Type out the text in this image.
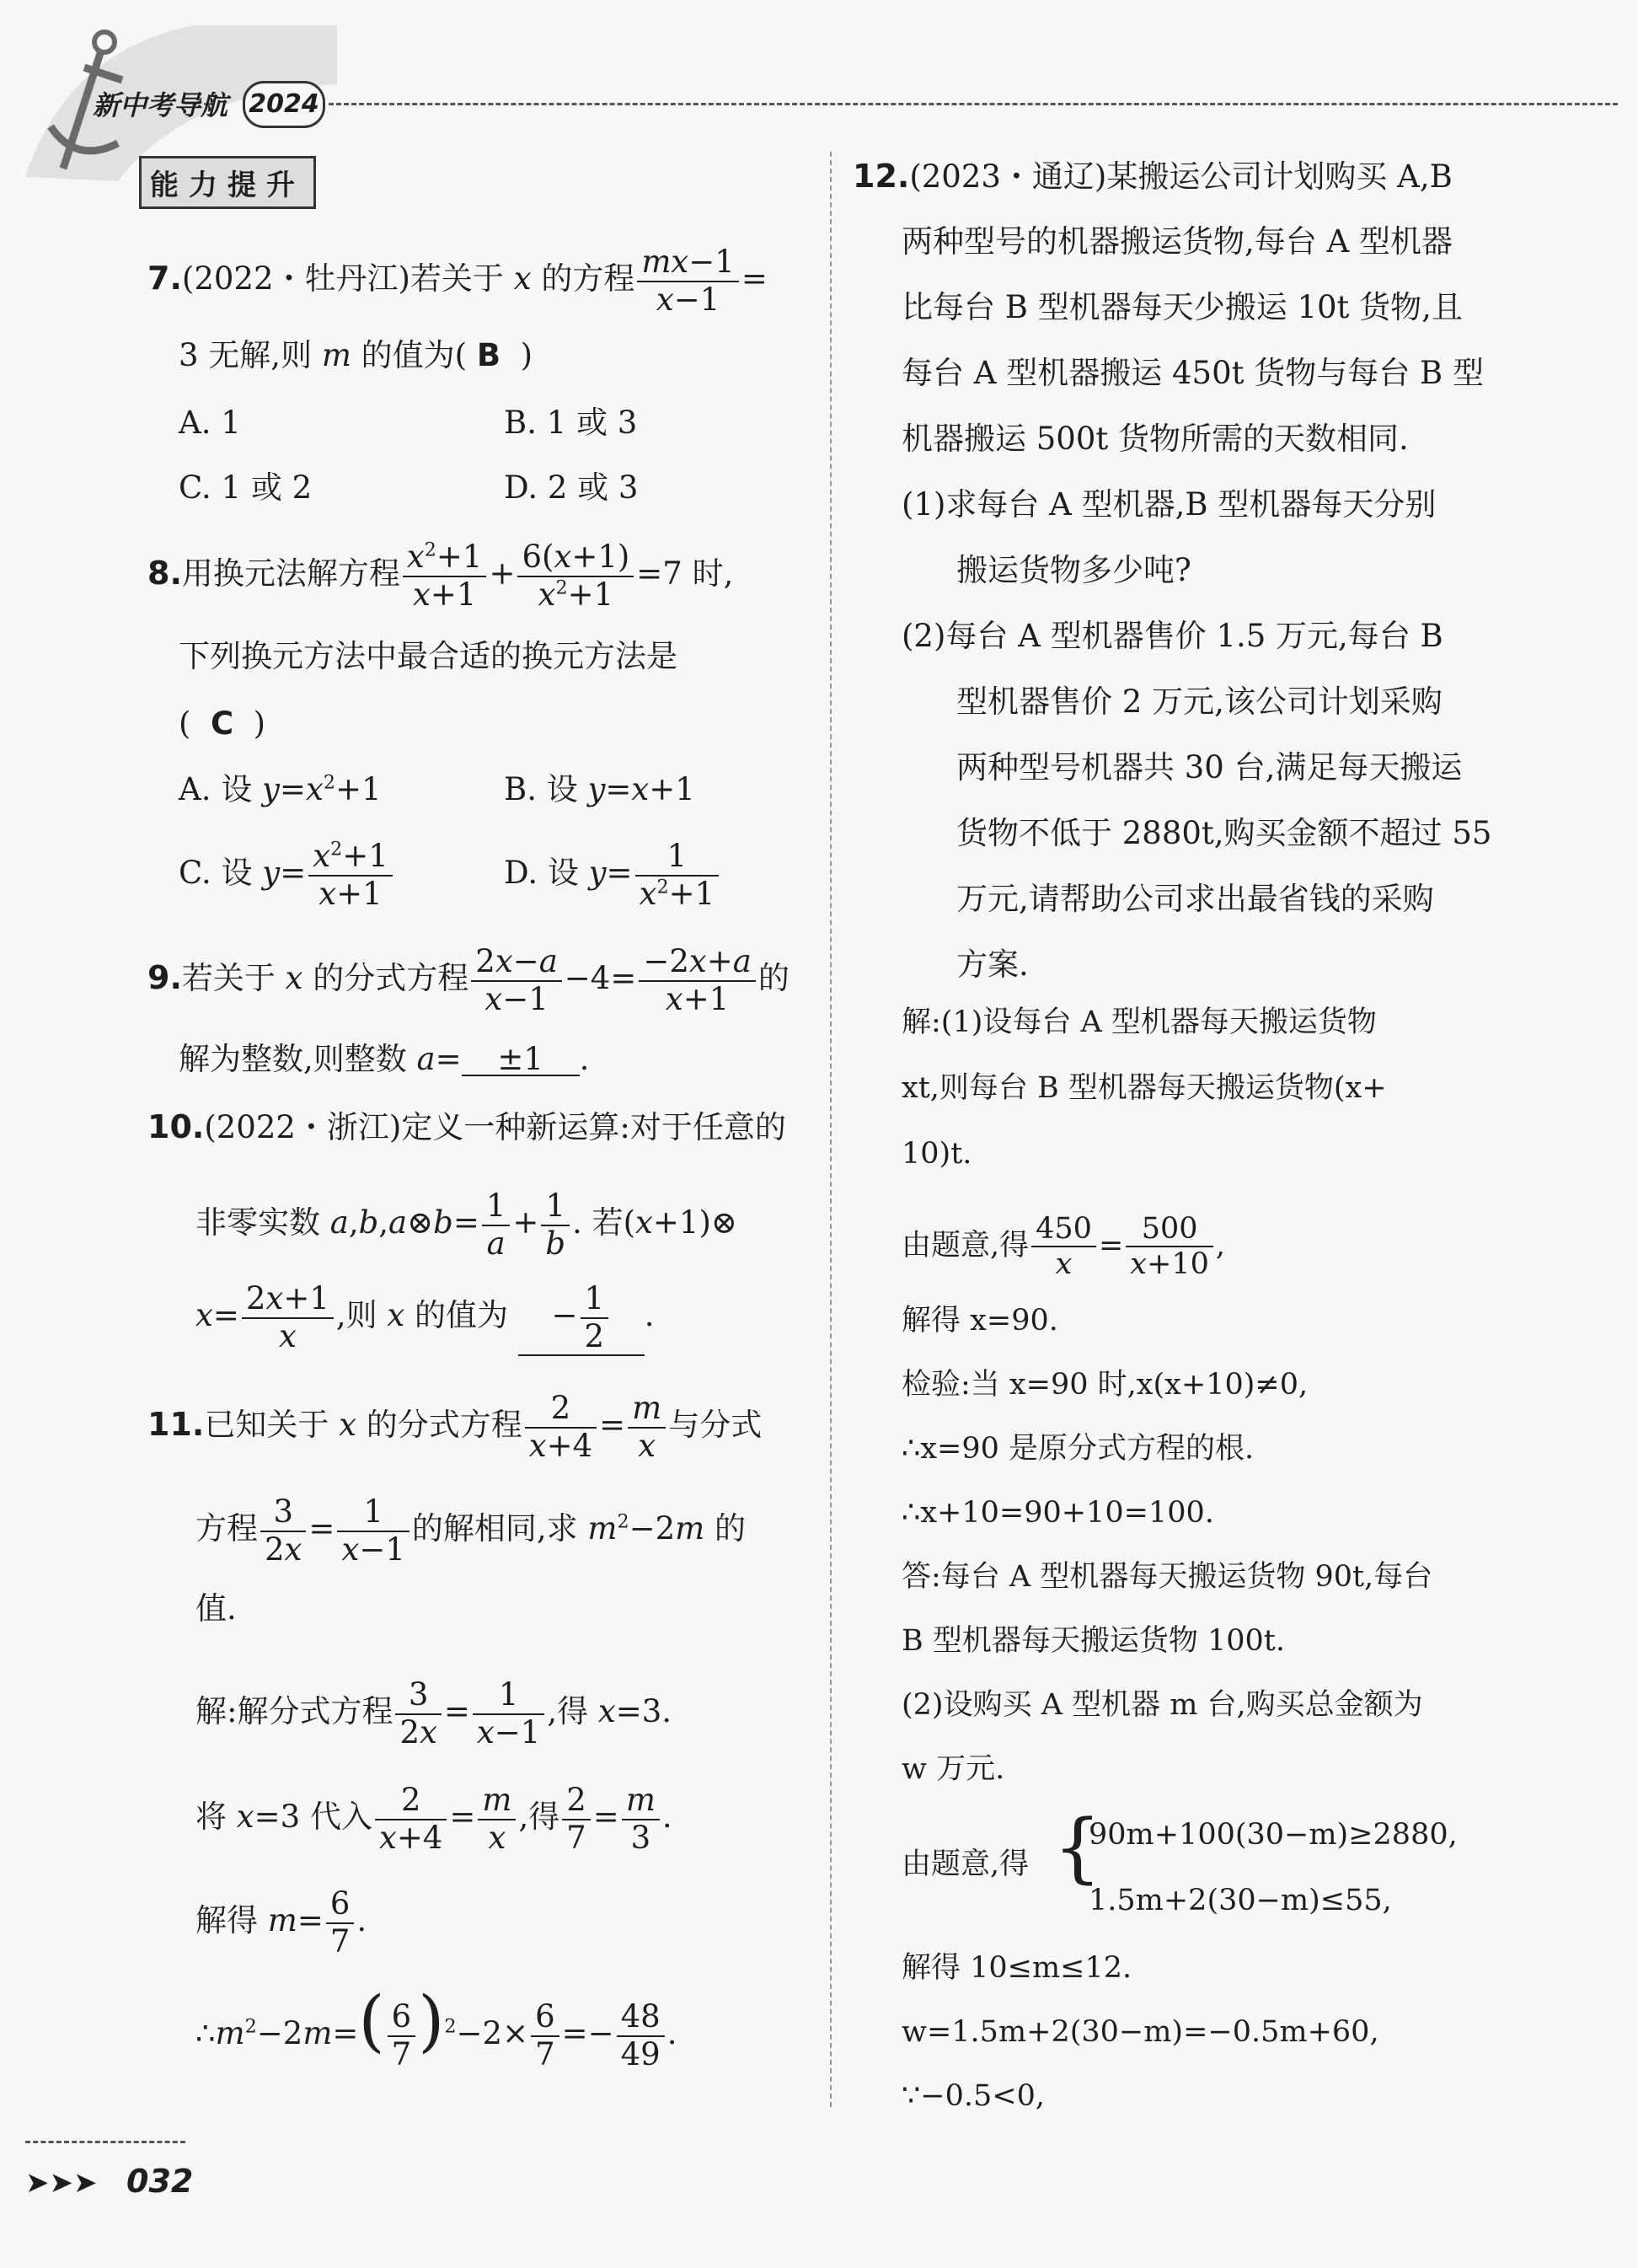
新中考导航 2024
能力提升
7.(2022・牡丹江)若关于 x 的方程 $\frac{mx-1}{x-1}$ =
3 无解,则 m 的值为( B )
A. 1	B. 1 或 3
C. 1 或 2	D. 2 或 3
8.用换元法解方程 $\frac{x^2+1}{x+1} + \frac{6(x+1)}{x^2+1} =7$ 时,
下列换元方法中最合适的换元方法是
(  C  )
A. 设 $y=x^2+1$	B. 设 y=x+1
C. 设 $y= \frac{x^2+1}{x+1}$	D. 设 $y= \frac{1}{x^2+1}$
9.若关于 x 的分式方程 $\frac{2x-a}{x-1} -4= \frac{-2x+a}{x+1}$ 的
解为整数,则整数 a= ±1 .
10.(2022・浙江)定义一种新运算:对于任意的
非零实数 a,b,a⊗b= $\frac{1}{a} + \frac{1}{b}$ . 若(x+1)⊗
$x= \frac{2x+1}{x}$ ,则 x 的值为 − $\frac{1}{2}$ .
11.已知关于 x 的分式方程 $\frac{2}{x+4} = \frac{m}{x}$ 与分式
方程 $\frac{3}{2x} = \frac{1}{x-1}$ 的解相同,求 $m^2-2m$ 的
值.
解:解分式方程 $\frac{3}{2x} = \frac{1}{x-1}$ ,得 x=3.
将 x=3 代入 $\frac{2}{x+4} = \frac{m}{x}$ ,得 $\frac{2}{7} = \frac{m}{3}$ .
解得 $m= \frac{6}{7}$ .
$\therefore m^2-2m=( \frac{6}{7} )^2-2\times \frac{6}{7} =- \frac{48}{49}$ .
12.(2023・通辽)某搬运公司计划购买 A,B
两种型号的机器搬运货物,每台 A 型机器
比每台 B 型机器每天少搬运 10t 货物,且
每台 A 型机器搬运 450t 货物与每台 B 型
机器搬运 500t 货物所需的天数相同.
(1)求每台 A 型机器,B 型机器每天分别
搬运货物多少吨?
(2)每台 A 型机器售价 1.5 万元,每台 B
型机器售价 2 万元,该公司计划采购
两种型号机器共 30 台,满足每天搬运
货物不低于 2880t,购买金额不超过 55
万元,请帮助公司求出最省钱的采购
方案.
解:(1)设每台 A 型机器每天搬运货物
xt,则每台 B 型机器每天搬运货物(x+
10)t.
由题意,得 $\frac{450}{x} = \frac{500}{x+10}$ ,
解得 x=90.
检验:当 x=90 时,x(x+10)≠0,
∴x=90 是原分式方程的根.
∴x+10=90+10=100.
答:每台 A 型机器每天搬运货物 90t,每台
B 型机器每天搬运货物 100t.
(2)设购买 A 型机器 m 台,购买总金额为
w 万元.
由题意,得 {
90m+100(30−m)≥2880,
1.5m+2(30−m)≤55,
解得 10≤m≤12.
w=1.5m+2(30−m)=−0.5m+60,
∵−0.5<0,
➤➤➤ 032
